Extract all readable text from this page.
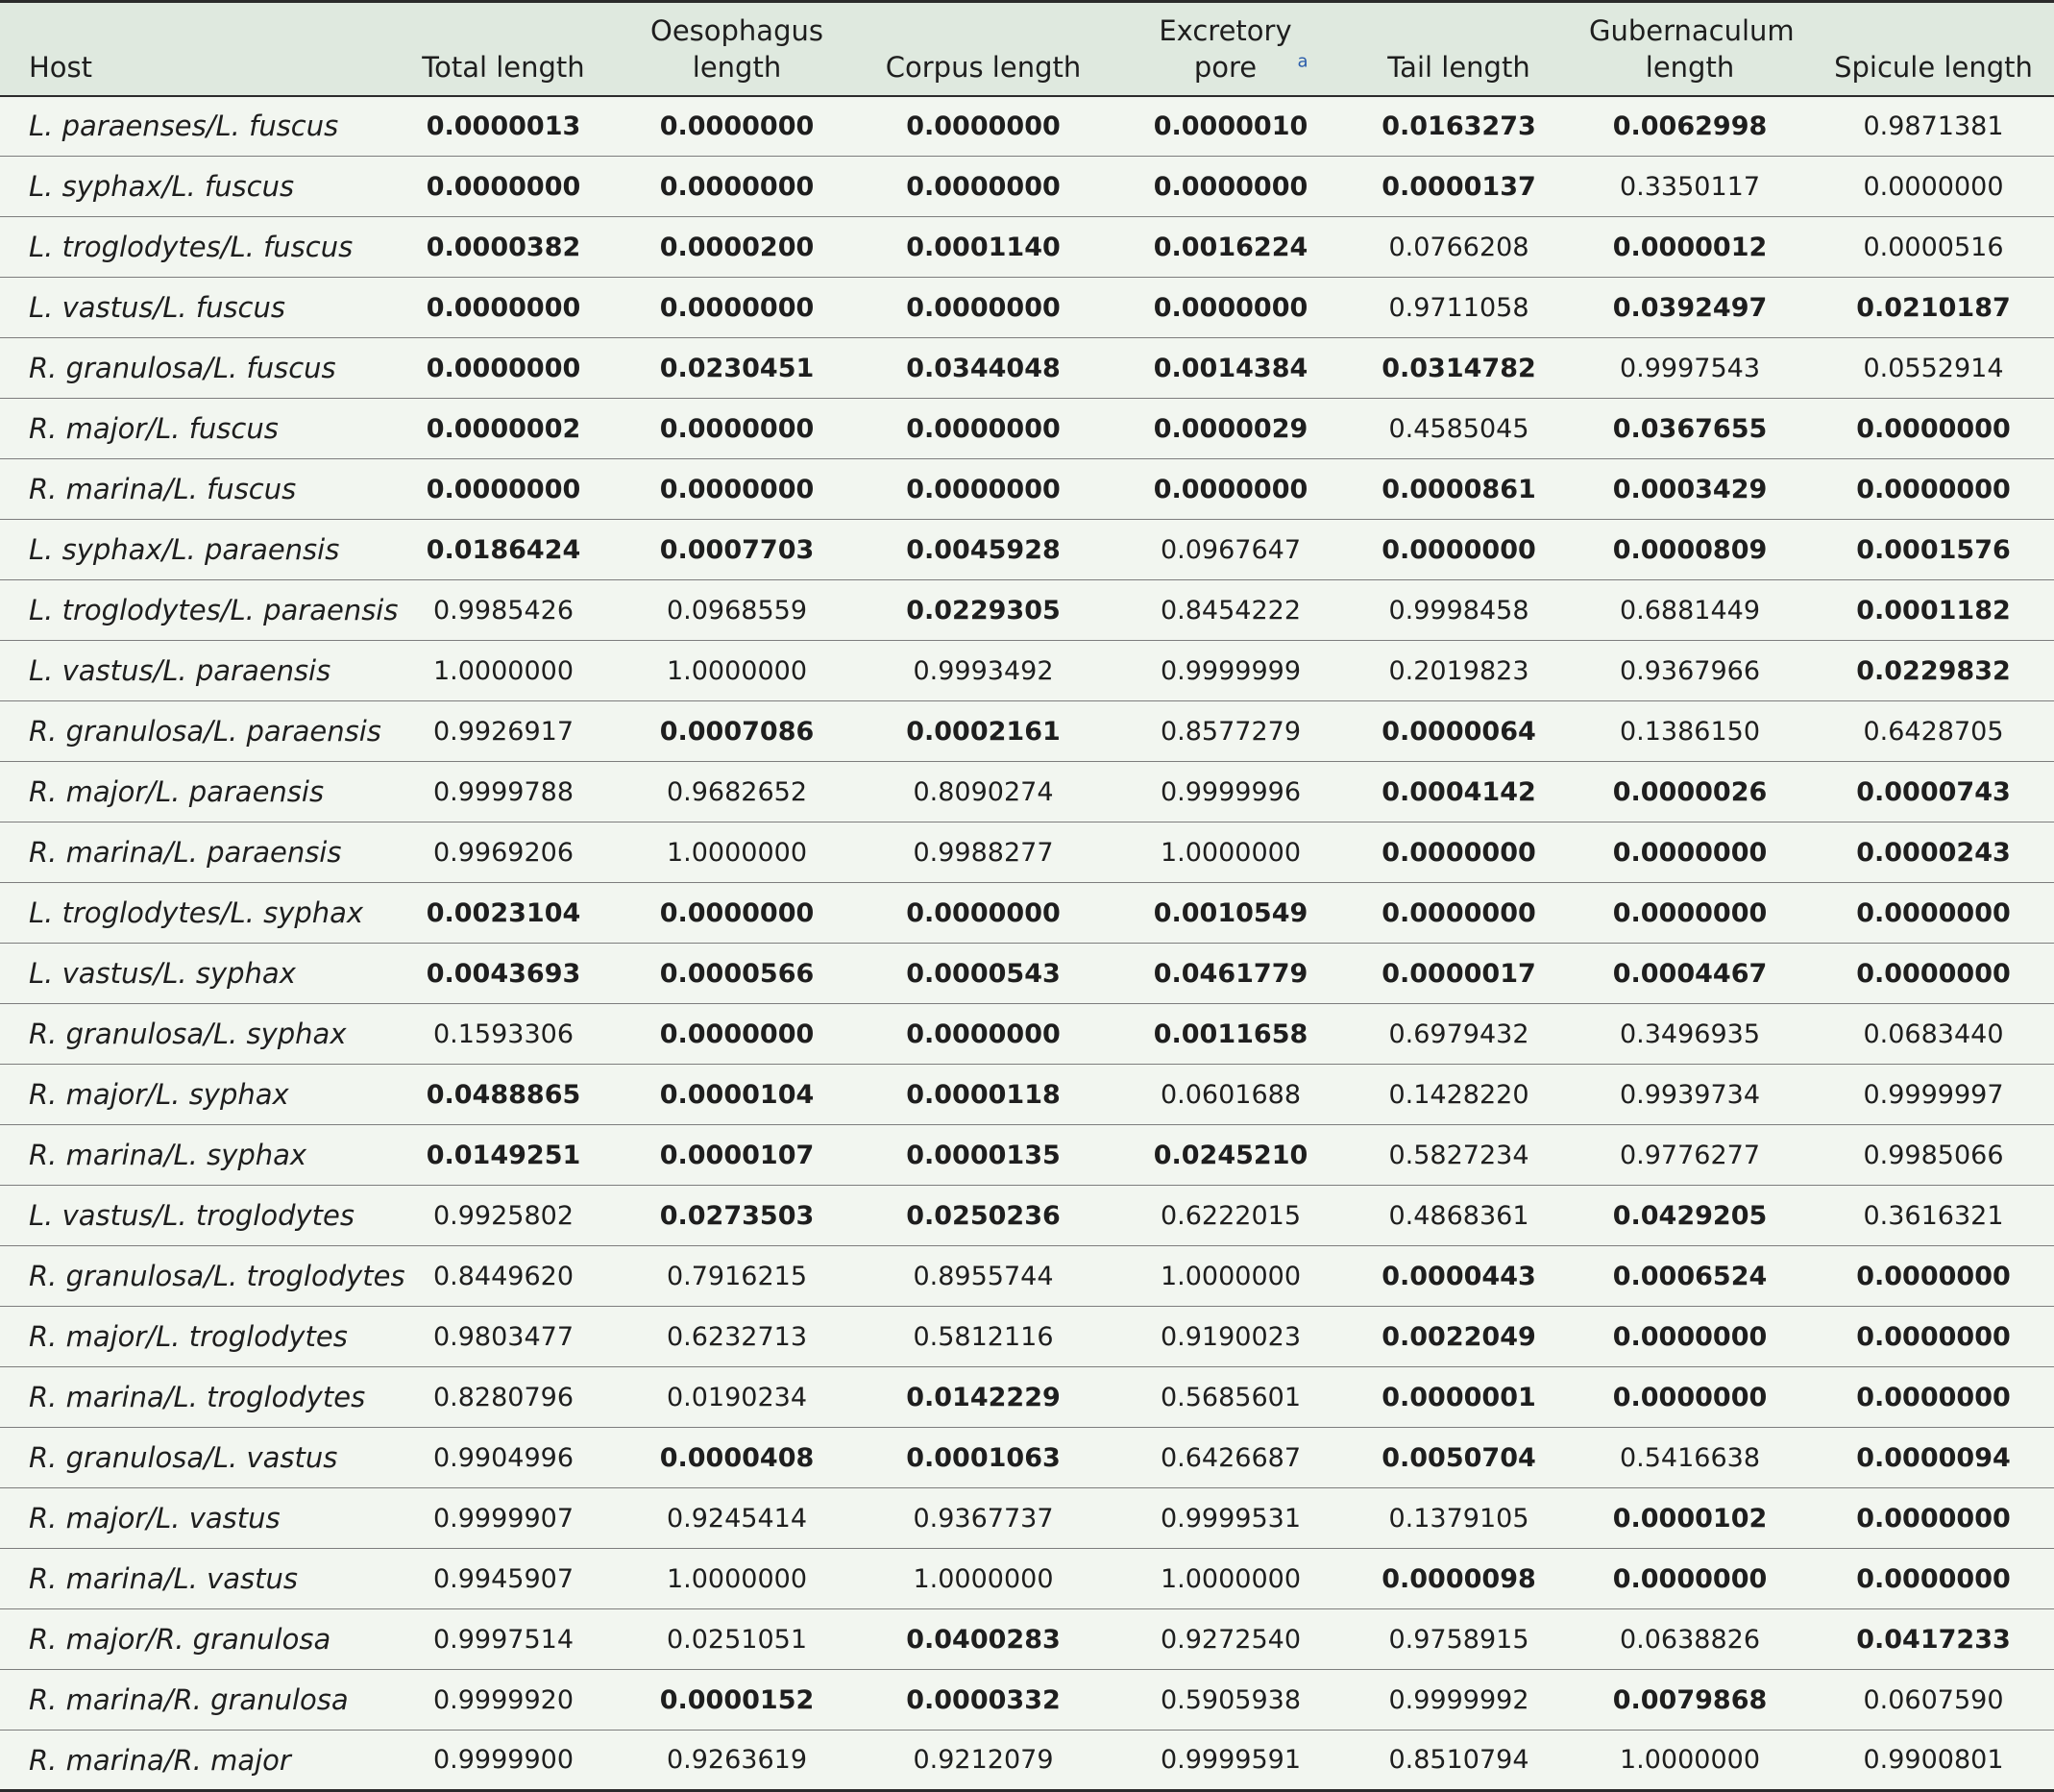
Host	Total length	Oesophagus length	Corpus length	Excretory pore $^a$	Tail length	Gubernaculum length	Spicule length
L. paraenses/L. fuscus	0.0000013	0.0000000	0.0000000	0.0000010	0.0163273	0.0062998	0.9871381
L. syphax/L. fuscus	0.0000000	0.0000000	0.0000000	0.0000000	0.0000137	0.3350117	0.0000000
L. troglodytes/L. fuscus	0.0000382	0.0000200	0.0001140	0.0016224	0.0766208	0.0000012	0.0000516
L. vastus/L. fuscus	0.0000000	0.0000000	0.0000000	0.0000000	0.9711058	0.0392497	0.0210187
R. granulosa/L. fuscus	0.0000000	0.0230451	0.0344048	0.0014384	0.0314782	0.9997543	0.0552914
R. major/L. fuscus	0.0000002	0.0000000	0.0000000	0.0000029	0.4585045	0.0367655	0.0000000
R. marina/L. fuscus	0.0000000	0.0000000	0.0000000	0.0000000	0.0000861	0.0003429	0.0000000
L. syphax/L. paraensis	0.0186424	0.0007703	0.0045928	0.0967647	0.0000000	0.0000809	0.0001576
L. troglodytes/L. paraensis	0.9985426	0.0968559	0.0229305	0.8454222	0.9998458	0.6881449	0.0001182
L. vastus/L. paraensis	1.0000000	1.0000000	0.9993492	0.9999999	0.2019823	0.9367966	0.0229832
R. granulosa/L. paraensis	0.9926917	0.0007086	0.0002161	0.8577279	0.0000064	0.1386150	0.6428705
R. major/L. paraensis	0.9999788	0.9682652	0.8090274	0.9999996	0.0004142	0.0000026	0.0000743
R. marina/L. paraensis	0.9969206	1.0000000	0.9988277	1.0000000	0.0000000	0.0000000	0.0000243
L. troglodytes/L. syphax	0.0023104	0.0000000	0.0000000	0.0010549	0.0000000	0.0000000	0.0000000
L. vastus/L. syphax	0.0043693	0.0000566	0.0000543	0.0461779	0.0000017	0.0004467	0.0000000
R. granulosa/L. syphax	0.1593306	0.0000000	0.0000000	0.0011658	0.6979432	0.3496935	0.0683440
R. major/L. syphax	0.0488865	0.0000104	0.0000118	0.0601688	0.1428220	0.9939734	0.9999997
R. marina/L. syphax	0.0149251	0.0000107	0.0000135	0.0245210	0.5827234	0.9776277	0.9985066
L. vastus/L. troglodytes	0.9925802	0.0273503	0.0250236	0.6222015	0.4868361	0.0429205	0.3616321
R. granulosa/L. troglodytes	0.8449620	0.7916215	0.8955744	1.0000000	0.0000443	0.0006524	0.0000000
R. major/L. troglodytes	0.9803477	0.6232713	0.5812116	0.9190023	0.0022049	0.0000000	0.0000000
R. marina/L. troglodytes	0.8280796	0.0190234	0.0142229	0.5685601	0.0000001	0.0000000	0.0000000
R. granulosa/L. vastus	0.9904996	0.0000408	0.0001063	0.6426687	0.0050704	0.5416638	0.0000094
R. major/L. vastus	0.9999907	0.9245414	0.9367737	0.9999531	0.1379105	0.0000102	0.0000000
R. marina/L. vastus	0.9945907	1.0000000	1.0000000	1.0000000	0.0000098	0.0000000	0.0000000
R. major/R. granulosa	0.9997514	0.0251051	0.0400283	0.9272540	0.9758915	0.0638826	0.0417233
R. marina/R. granulosa	0.9999920	0.0000152	0.0000332	0.5905938	0.9999992	0.0079868	0.0607590
R. marina/R. major	0.9999900	0.9263619	0.9212079	0.9999591	0.8510794	1.0000000	0.9900801
